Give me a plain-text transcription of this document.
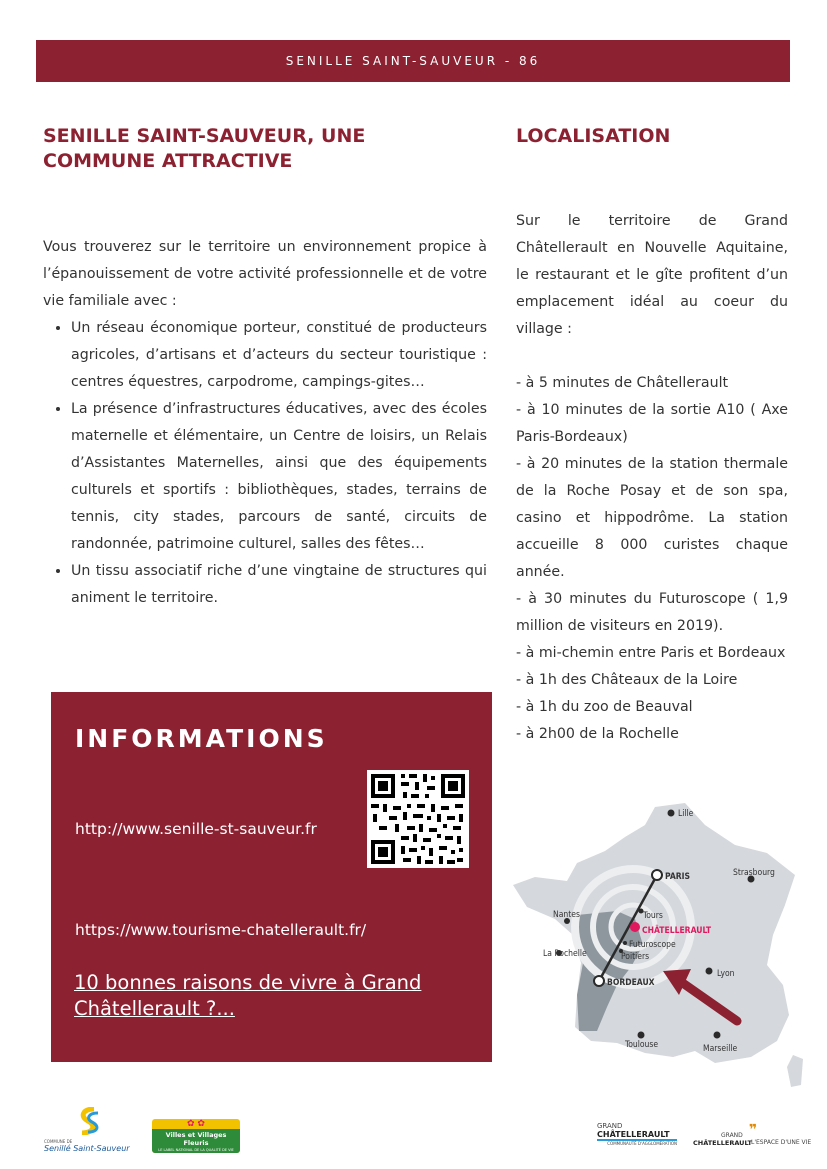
SENILLE SAINT-SAUVEUR - 86
SENILLE SAINT-SAUVEUR, UNE COMMUNE ATTRACTIVE
LOCALISATION

Vous trouverez sur le territoire un environnement propice à l’épanouissement de votre activité professionnelle et de votre vie familiale avec :

• Un réseau économique porteur, constitué de producteurs agricoles, d’artisans et d’acteurs du secteur touristique : centres équestres, carpodrome, campings-gites…
• La présence d’infrastructures éducatives, avec des écoles maternelle et élémentaire, un Centre de loisirs, un Relais d’Assistantes Maternelles, ainsi que des équipements culturels et sportifs : bibliothèques, stades, terrains de tennis, city stades, parcours de santé, circuits de randonnée, patrimoine culturel, salles des fêtes…
• Un tissu associatif riche d’une vingtaine de structures qui animent le territoire.

Sur le territoire de Grand Châtellerault en Nouvelle Aquitaine, le restaurant et le gîte profitent d’un emplacement idéal au coeur du village :

- à 5 minutes de Châtellerault

- à 10 minutes de la sortie A10 ( Axe Paris-Bordeaux)

- à 20 minutes de la station thermale de la Roche Posay et de son spa, casino et hippodrôme. La station accueille 8 000 curistes chaque année.

- à 30 minutes du Futuroscope ( 1,9 million de visiteurs en 2019).

- à mi-chemin entre Paris et Bordeaux

- à 1h des Châteaux de la Loire

- à 1h du zoo de Beauval

- à 2h00 de la Rochelle

INFORMATIONS
http://www.senille-st-sauveur.fr
https://www.tourisme-chatellerault.fr/
10 bonnes raisons de vivre à Grand Châtellerault ?...
Lille
PARIS	Strasbourg
Nantes	Tours
CHÂTELLERAULT
Futuroscope
Poitiers
La Rochelle
BORDEAUX
Lyon
Toulouse	Marseille
COMMUNE DE
Senillé Saint-Sauveur
✿ ✿
Villes et Villages Fleuris
LE LABEL NATIONAL DE LA QUALITÉ DE VIE
GRAND
CHÂTELLERAULT
COMMUNAUTÉ D'AGGLOMÉRATION
❞
GRAND
CHÂTELLERAULT L'ESPACE D'UNE VIE
